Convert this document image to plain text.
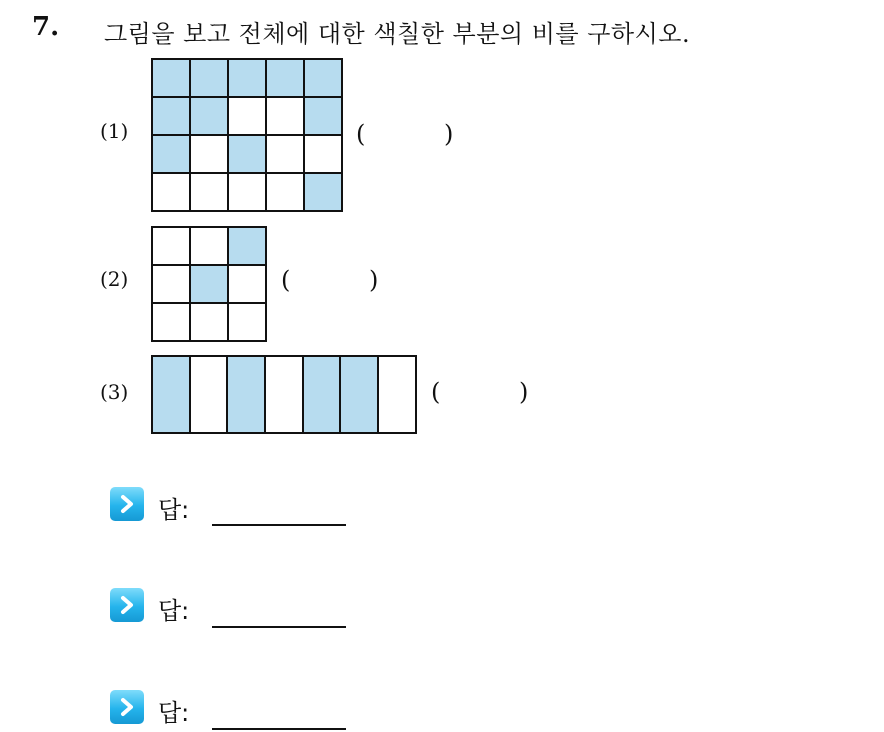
7. 그림을 보고 전체에 대한 색칠한 부분의 비를 구하시오.
(1)

					(	)
(2)

			(	)
(3)
							(	)
답:
답:
답:
